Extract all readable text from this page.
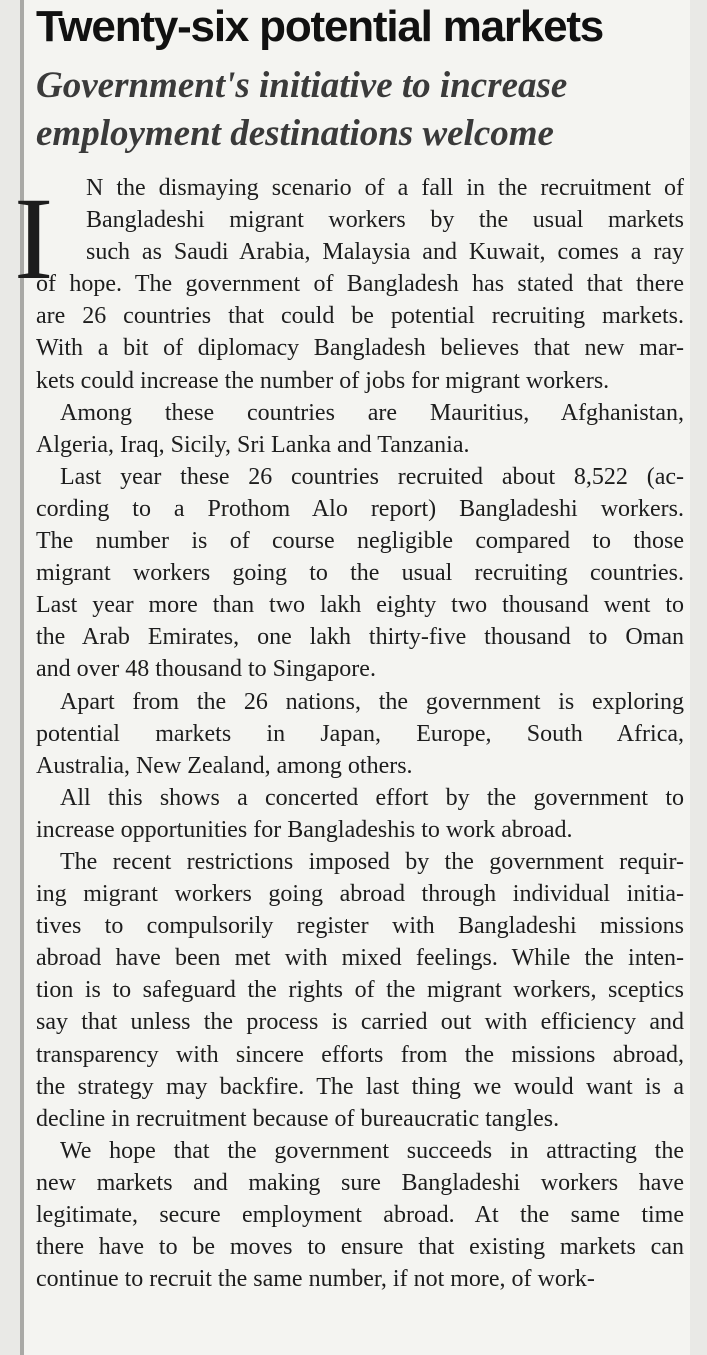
Twenty-six potential markets
Government's initiative to increase
employment destinations welcome
N the dismaying scenario of a fall in the recruitment of
Bangladeshi migrant workers by the usual markets
such as Saudi Arabia, Malaysia and Kuwait, comes a ray
of hope. The government of Bangladesh has stated that there
are 26 countries that could be potential recruiting markets.
With a bit of diplomacy Bangladesh believes that new mar-
kets could increase the number of jobs for migrant workers.
Among these countries are Mauritius, Afghanistan,
Algeria, Iraq, Sicily, Sri Lanka and Tanzania.
Last year these 26 countries recruited about 8,522 (ac-
cording to a Prothom Alo report) Bangladeshi workers.
The number is of course negligible compared to those
migrant workers going to the usual recruiting countries.
Last year more than two lakh eighty two thousand went to
the Arab Emirates, one lakh thirty-five thousand to Oman
and over 48 thousand to Singapore.
Apart from the 26 nations, the government is exploring
potential markets in Japan, Europe, South Africa,
Australia, New Zealand, among others.
All this shows a concerted effort by the government to
increase opportunities for Bangladeshis to work abroad.
The recent restrictions imposed by the government requir-
ing migrant workers going abroad through individual initia-
tives to compulsorily register with Bangladeshi missions
abroad have been met with mixed feelings. While the inten-
tion is to safeguard the rights of the migrant workers, sceptics
say that unless the process is carried out with efficiency and
transparency with sincere efforts from the missions abroad,
the strategy may backfire. The last thing we would want is a
decline in recruitment because of bureaucratic tangles.
We hope that the government succeeds in attracting the
new markets and making sure Bangladeshi workers have
legitimate, secure employment abroad. At the same time
there have to be moves to ensure that existing markets can
continue to recruit the same number, if not more, of work-
I
